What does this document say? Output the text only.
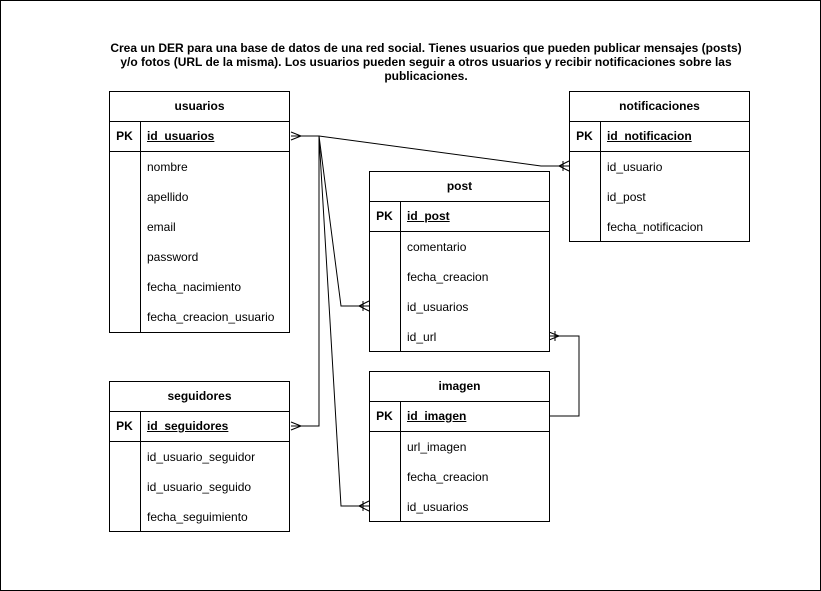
Crea un DER para una base de datos de una red social. Tienes usuarios que pueden publicar mensajes (posts) y/o fotos (URL de la misma). Los usuarios pueden seguir a otros usuarios y recibir notificaciones sobre las publicaciones.
usuarios
PK	id_usuarios
nombre
apellido
email
password
fecha_nacimiento
fecha_creacion_usuario
notificaciones
PK	id_notificacion
id_usuario
id_post
fecha_notificacion
post
PK	id_post
comentario
fecha_creacion
id_usuarios
id_url
seguidores
PK	id_seguidores
id_usuario_seguidor
id_usuario_seguido
fecha_seguimiento
imagen
PK	id_imagen
url_imagen
fecha_creacion
id_usuarios
